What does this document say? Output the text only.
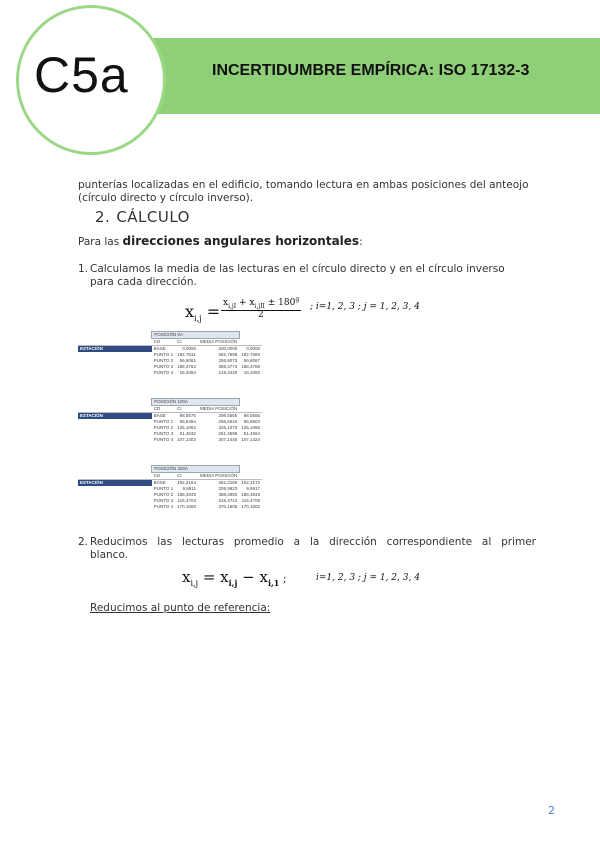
C5a	INCERTIDUMBRE EMPÍRICA: ISO 17132-3
punterías localizadas en el edificio, tomando lectura en ambas posiciones del anteojo
(círculo directo y círculo inverso).
2. CÁLCULO
Para las direcciones angulares horizontales:
1. Calculamos la media de las lecturas en el círculo directo y en el círculo inverso
para cada dirección.
$x_{i,j} = x_{i,jI} + x_{i,jII} \pm 180^g$
2
; i=1, 2, 3 ; j = 1, 2, 3, 4
	POSICIÓN 0A			
	CD	CI	MEDIA POSICIÓN	
ESTACIÓN	BASE	0,0000	200,0000	0,0000
	PUNTO 1	182,7631	382,7699	182,7665
	PUNTO 2	56,6061	256,6073	56,6067
	PUNTO 3	188,4762	388,4773	188,4768
	PUNTO 4	18,3364	218,3420	18,3392
	POSICIÓN 100A			
	CD	CI	MEDIA POSICIÓN	
ESTACIÓN	BASE	98,5575	298,5555	98,5565
	PUNTO 1	56,5464	256,5542	56,5503
	PUNTO 2	125,1062	325,1070	125,1066
	PUNTO 3	51,4532	251,4596	51,4564
	PUNTO 4	107,1403	307,1445	107,1424
	POSICIÓN 200A			
	CD	CI	MEDIA POSICIÓN	
ESTACIÓN	BASE	162,3164	362,3180	162,3172
	PUNTO 1	9,9911	209,9923	9,9917
	PUNTO 2	188,4948	388,4950	188,4949
	PUNTO 3	115,4704	315,4712	115,4708
	PUNTO 4	170,1600	370,1605	170,1602
2. Reducimos las lecturas promedio a la dirección correspondiente al primer
blanco.
$x_{i,j} = x_{i,j} - x_{i,1}$ ;	i=1, 2, 3 ; j = 1, 2, 3, 4
Reducimos al punto de referencia:
2
